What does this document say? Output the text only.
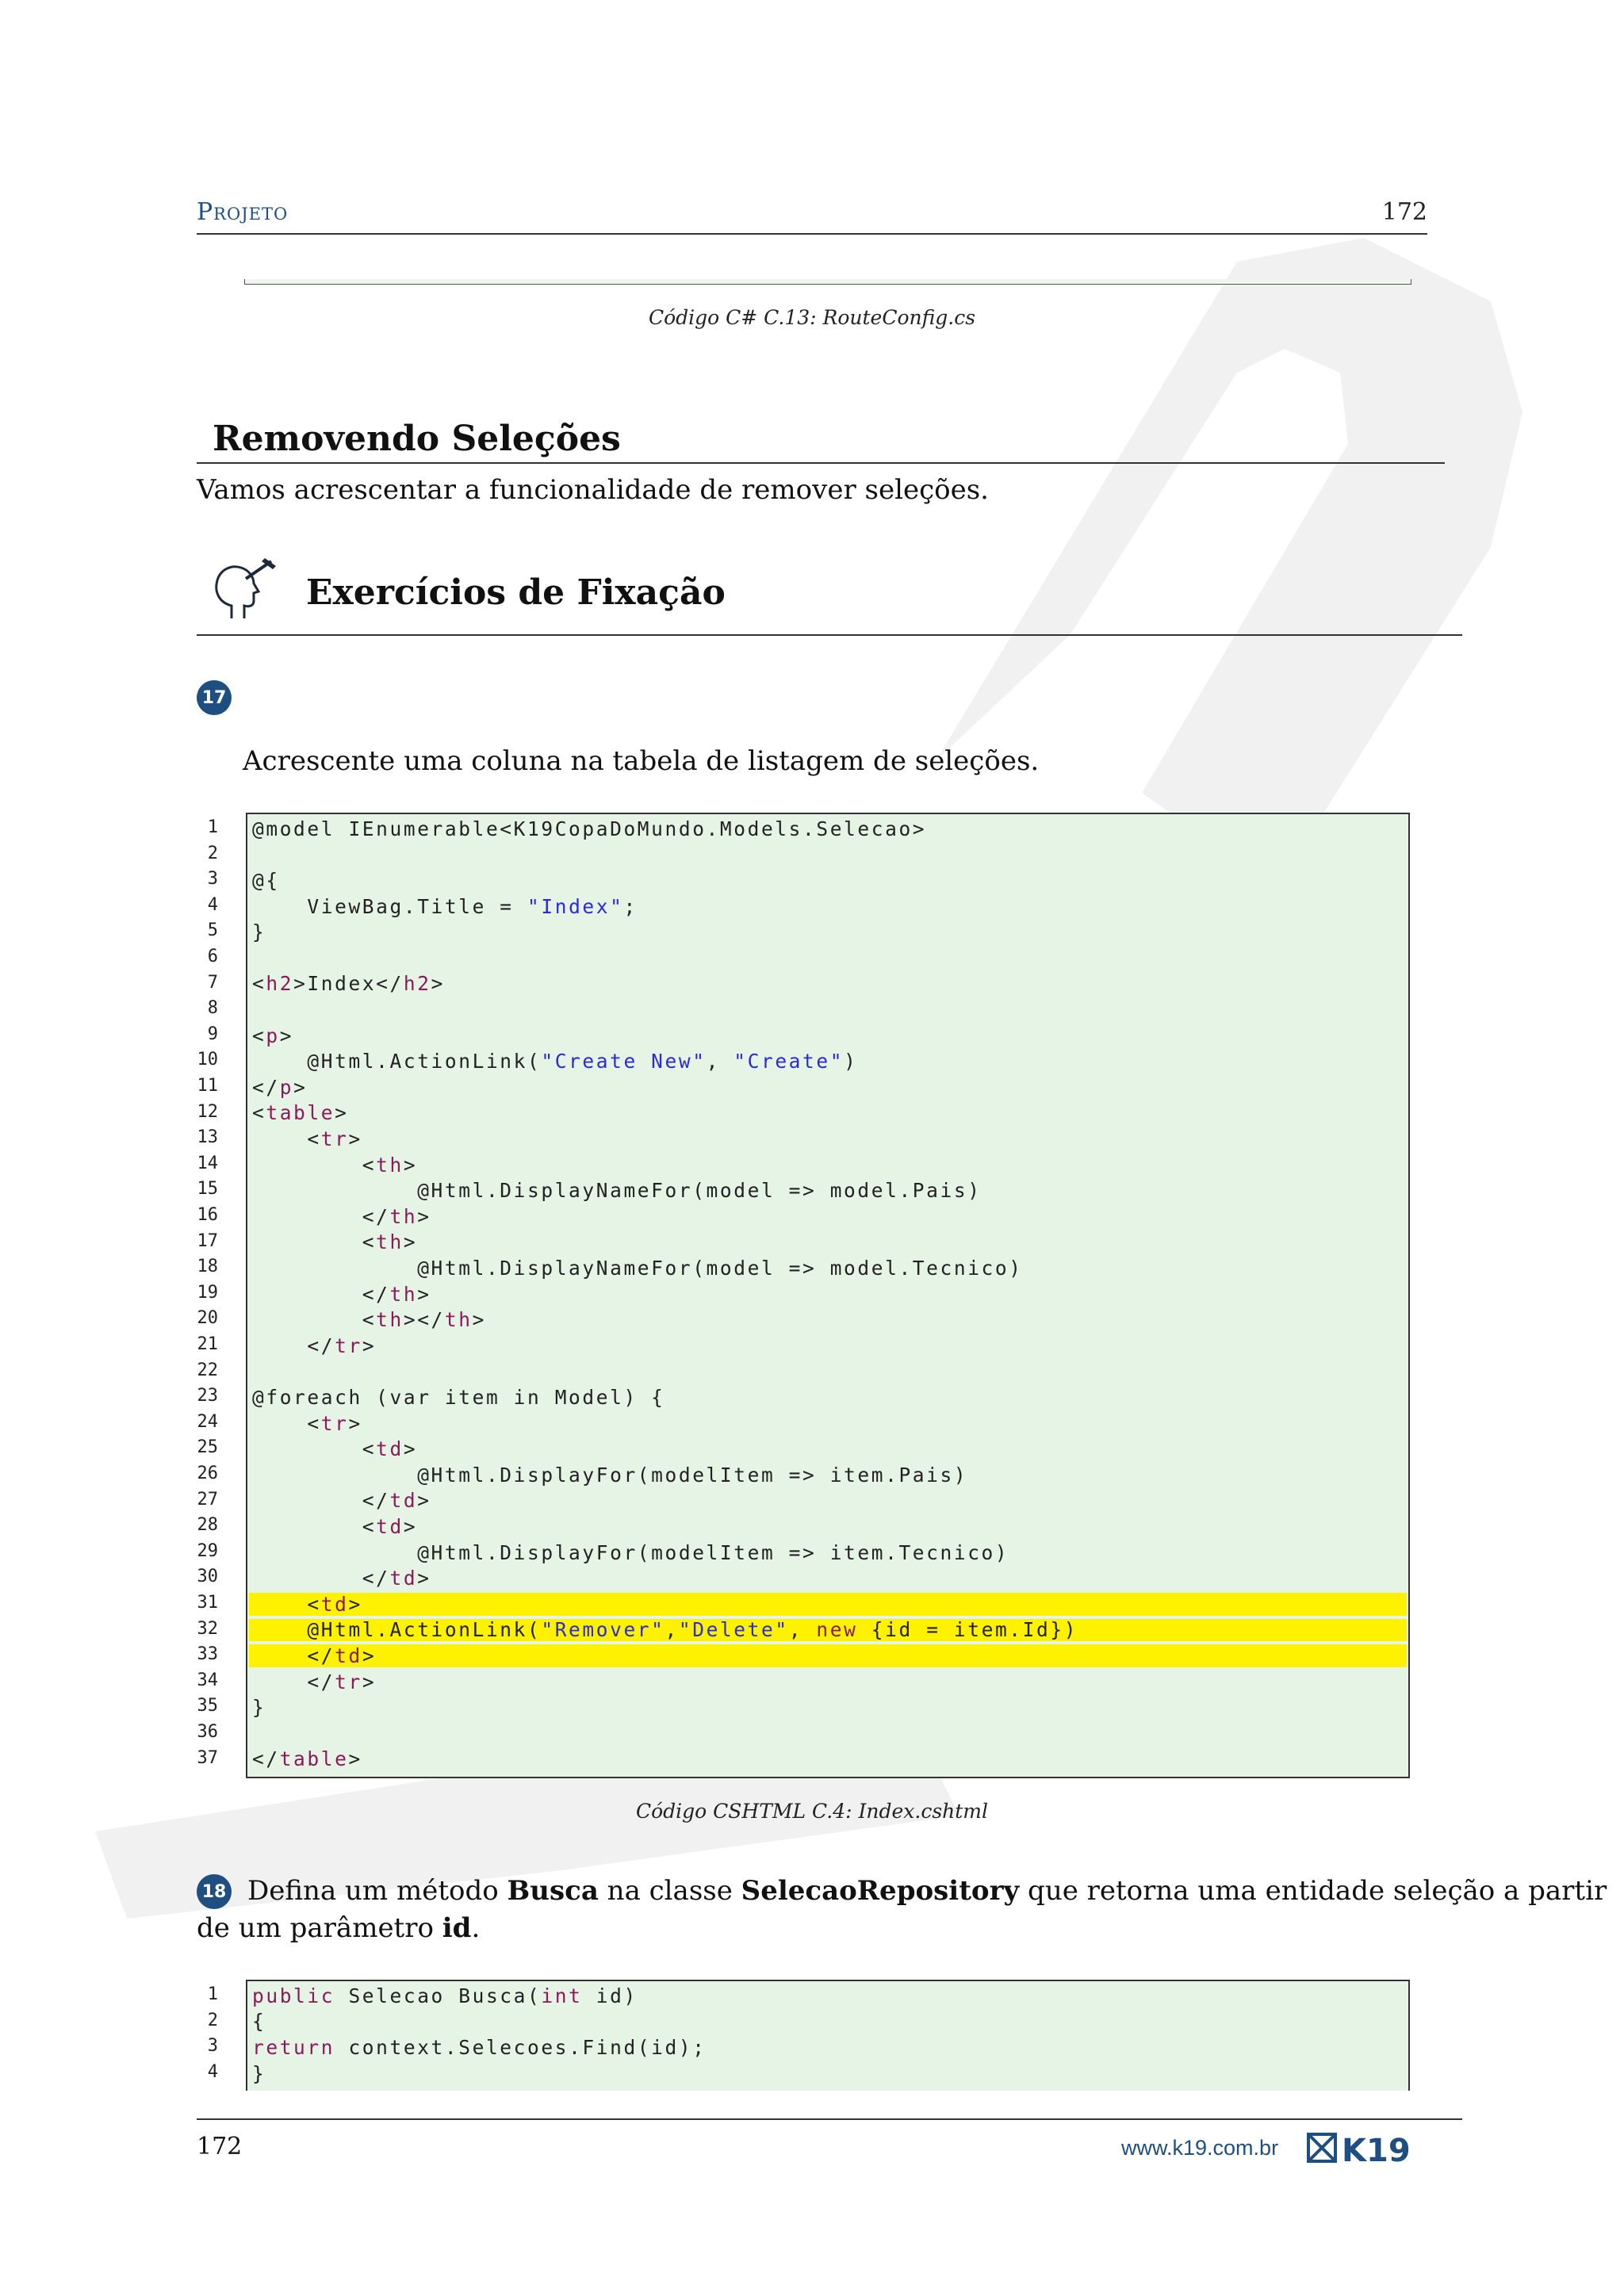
Projeto	172
Código C# C.13: RouteConfig.cs
Removendo Seleções
Vamos acrescentar a funcionalidade de remover seleções.
Exercícios de Fixação
17
Acrescente uma coluna na tabela de listagem de seleções.
1
2
3
4
5
6
7
8
9
10
11
12
13
14
15
16
17
18
19
20
21
22
23
24
25
26
27
28
29
30
31
32
33
34
35
36
37
@model IEnumerable<K19CopaDoMundo.Models.Selecao>
@{
ViewBag.Title = "Index" ;
}
< h2 >Index</ h2 >
< p >
@Html.ActionLink( "Create New" , "Create" )
</ p >
< table >
< tr >
< th >
@Html.DisplayNameFor(model => model.Pais)
</ th >
< th >
@Html.DisplayNameFor(model => model.Tecnico)
</ th >
< th ></ th >
</ tr >
@foreach (var item in Model) {
< tr >
< td >
@Html.DisplayFor(modelItem => item.Pais)
</ td >
< td >
@Html.DisplayFor(modelItem => item.Tecnico)
</ td >
< td >
@Html.ActionLink( "Remover" , "Delete" , new {id = item.Id})
</ td >
</ tr >
}
</ table >
Código CSHTML C.4: Index.cshtml
18 Defina um método Busca na classe SelecaoRepository que retorna uma entidade seleção a partir
de um parâmetro id.
1
2
3
4
public Selecao Busca( int id)
{
return context.Selecoes.Find(id);
}
172	www.k19.com.br K19
